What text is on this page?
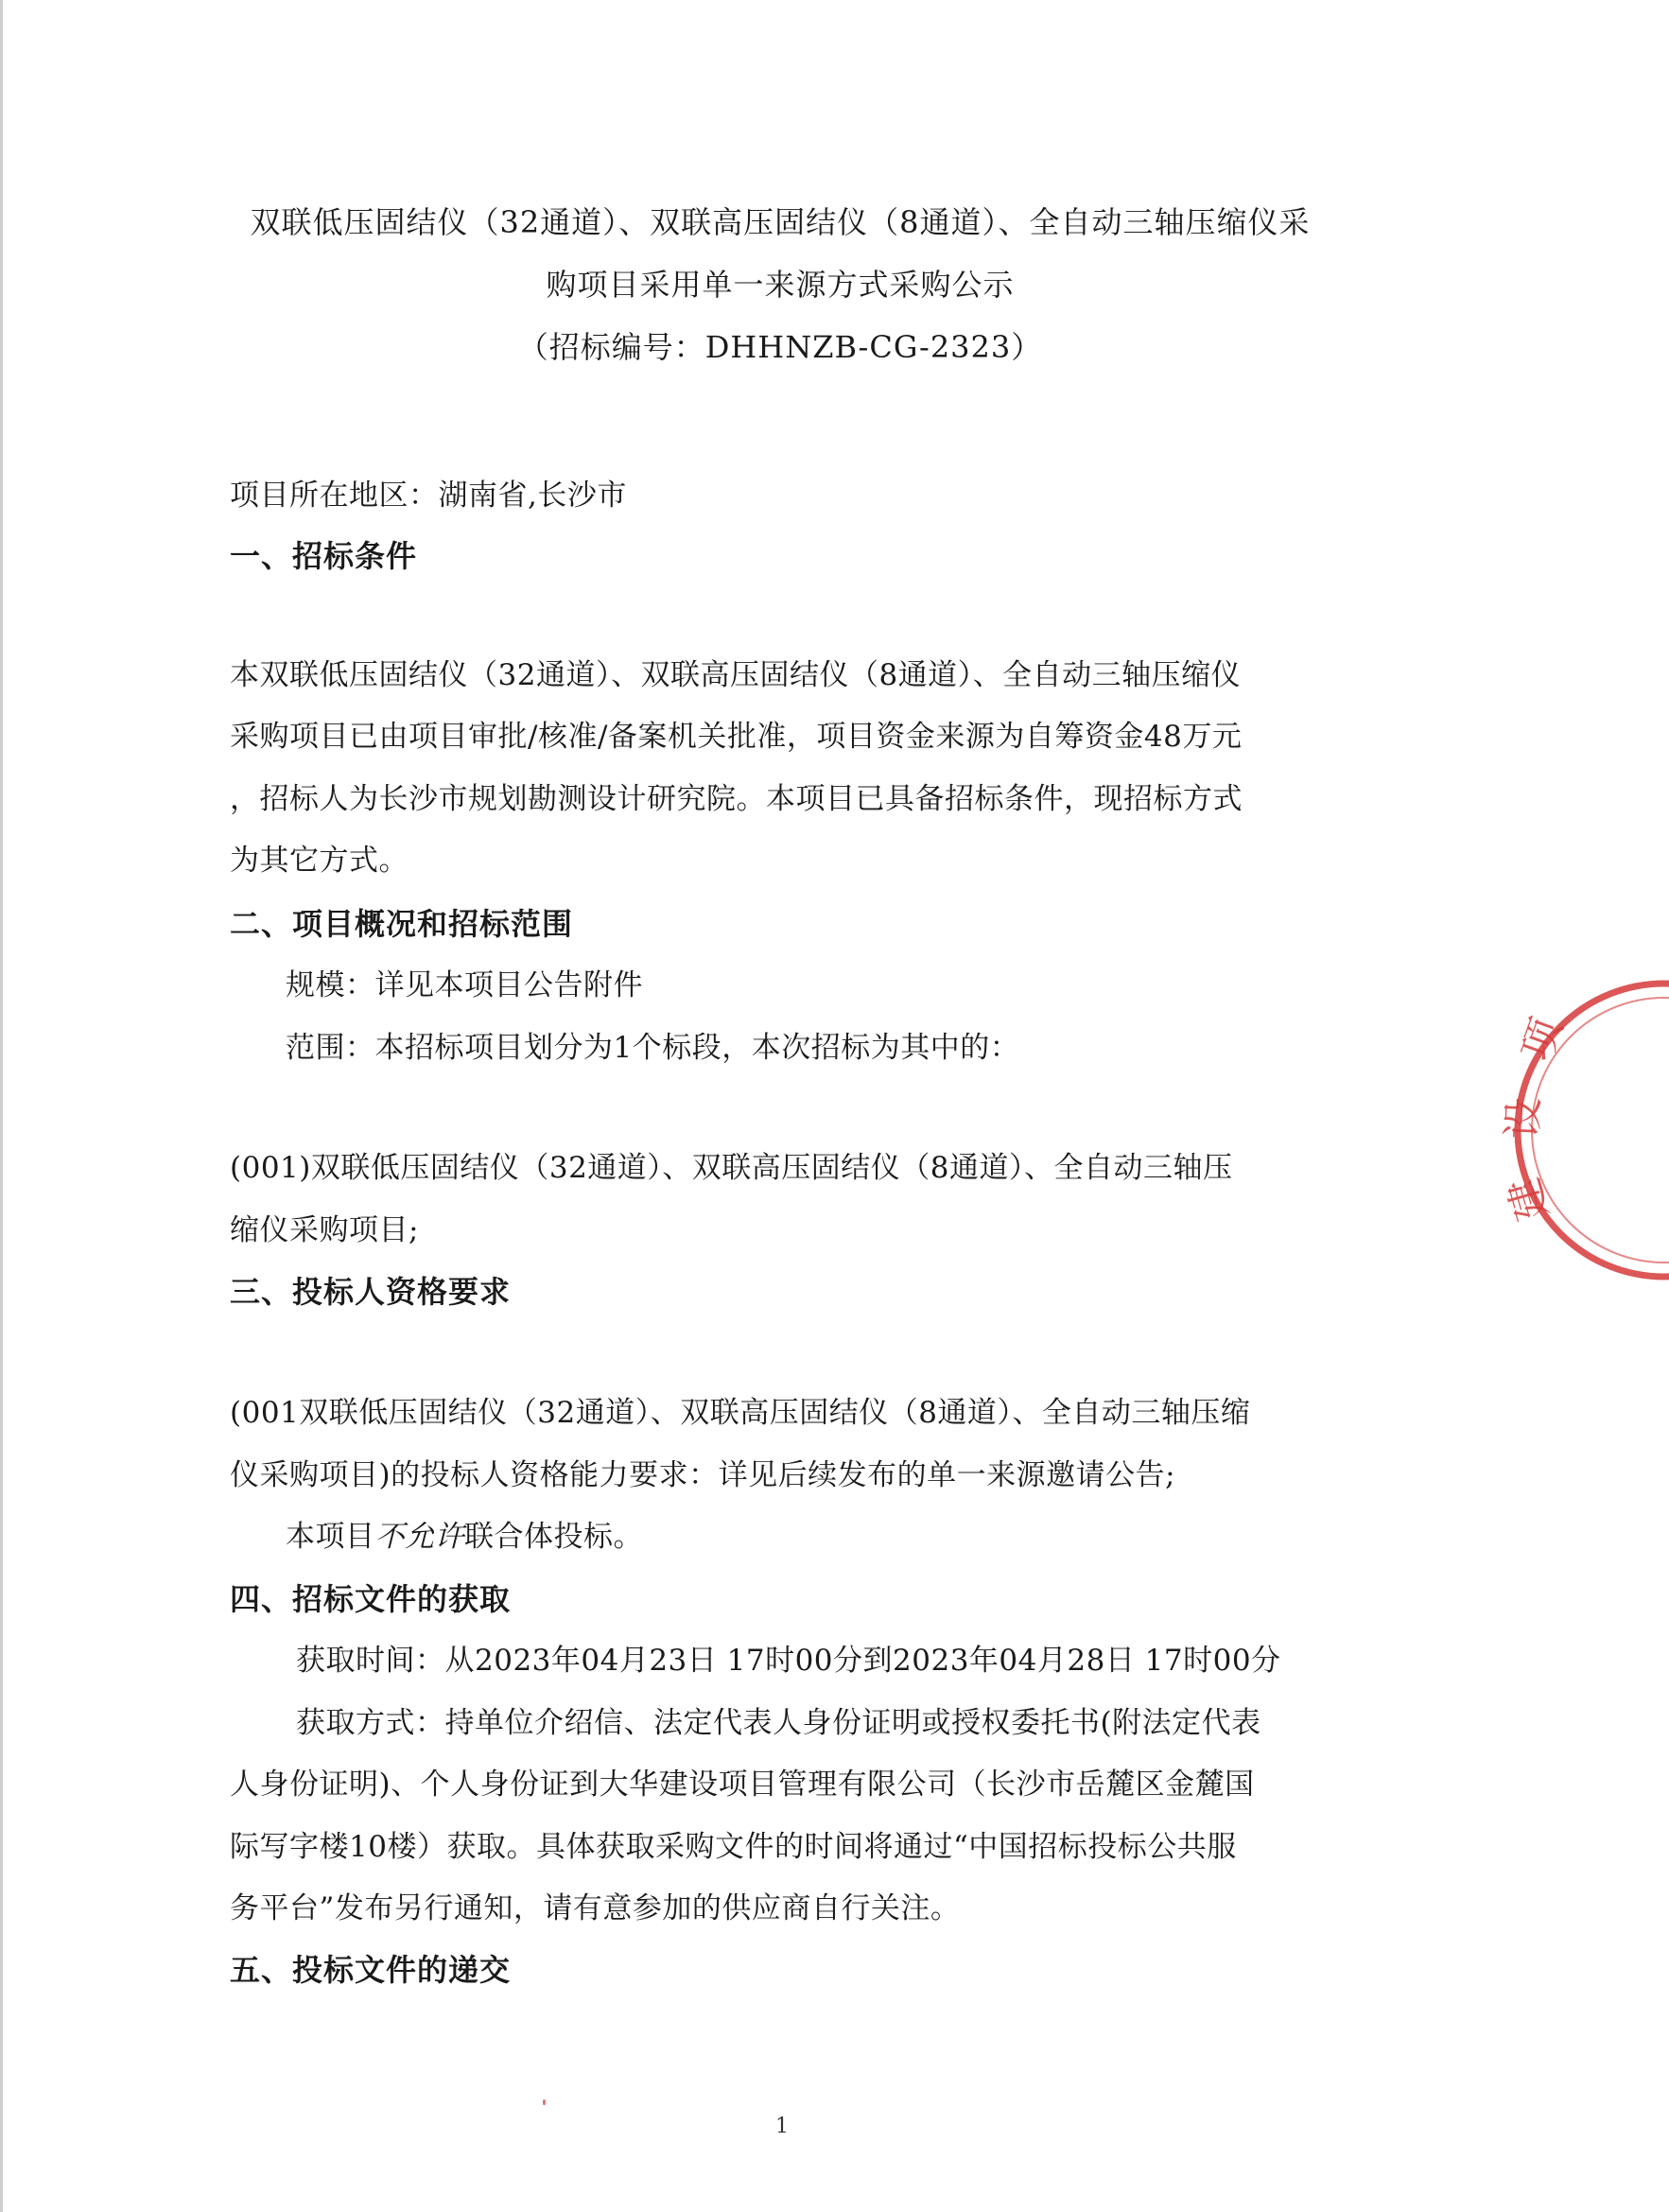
双联低压固结仪（32通道）、双联高压固结仪（8通道）、全自动三轴压缩仪采
购项目采用单一来源方式采购公示
（招标编号：DHHNZB-CG-2323）
项目所在地区：湖南省,长沙市
一、招标条件
本双联低压固结仪（32通道）、双联高压固结仪（8通道）、全自动三轴压缩仪
采购项目已由项目审批/核准/备案机关批准，项目资金来源为自筹资金48万元
，招标人为长沙市规划勘测设计研究院。本项目已具备招标条件，现招标方式
为其它方式。
二、项目概况和招标范围
规模：详见本项目公告附件
范围：本招标项目划分为1个标段，本次招标为其中的：
(001)双联低压固结仪（32通道）、双联高压固结仪（8通道）、全自动三轴压
缩仪采购项目;
三、投标人资格要求
(001双联低压固结仪（32通道）、双联高压固结仪（8通道）、全自动三轴压缩
仪采购项目)的投标人资格能力要求：详见后续发布的单一来源邀请公告;
本项目不允许联合体投标。
四、招标文件的获取
获取时间：从2023年04月23日 17时00分到2023年04月28日 17时00分
获取方式：持单位介绍信、法定代表人身份证明或授权委托书(附法定代表
人身份证明)、个人身份证到大华建设项目管理有限公司（长沙市岳麓区金麓国
际写字楼10楼）获取。具体获取采购文件的时间将通过“中国招标投标公共服
务平台”发布另行通知，请有意参加的供应商自行关注。
五、投标文件的递交
项
设
建
1
